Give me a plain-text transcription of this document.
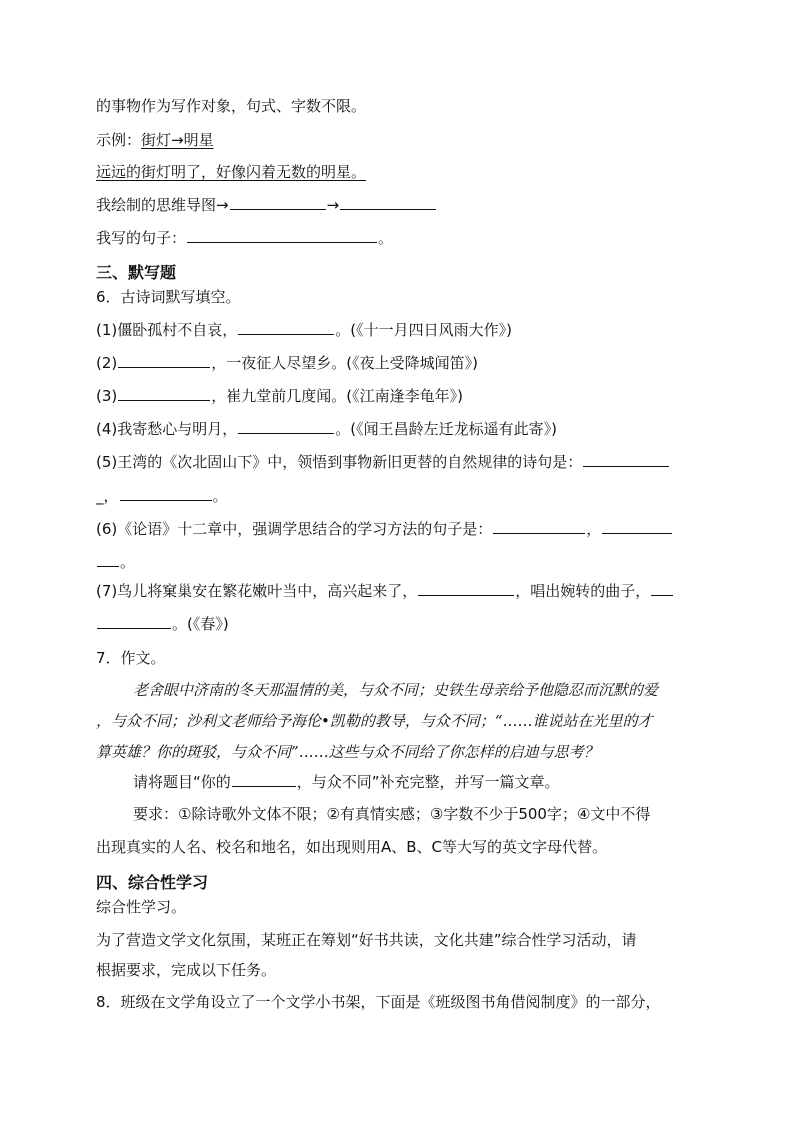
的事物作为写作对象，句式、字数不限。
示例：街灯→明星
远远的街灯明了，好像闪着无数的明星。
我绘制的思维导图→	→
我写的句子：	。
三、默写题
6．古诗词默写填空。
(1)僵卧孤村不自哀，	。(《十一月四日风雨大作》)
(2)	，一夜征人尽望乡。(《夜上受降城闻笛》)
(3)	，崔九堂前几度闻。(《江南逢李龟年》)
(4)我寄愁心与明月，	。(《闻王昌龄左迁龙标遥有此寄》)
(5)王湾的《次北固山下》中，领悟到事物新旧更替的自然规律的诗句是：
_，	。
(6)《论语》十二章中，强调学思结合的学习方法的句子是：	，
。
(7)鸟儿将窠巢安在繁花嫩叶当中，高兴起来了，	，唱出婉转的曲子，
。(《春》)
7．作文。
老舍眼中济南的冬天那温情的美，与众不同；史铁生母亲给予他隐忍而沉默的爱
，与众不同；沙利文老师给予海伦•凯勒的教导，与众不同；“……谁说站在光里的才
算英雄？你的斑驳，与众不同”……这些与众不同给了你怎样的启迪与思考？
请将题目“你的	，与众不同”补充完整，并写一篇文章。
要求：①除诗歌外文体不限；②有真情实感；③字数不少于500字；④文中不得
出现真实的人名、校名和地名，如出现则用A、B、C等大写的英文字母代替。
四、综合性学习
综合性学习。
为了营造文学文化氛围，某班正在筹划“好书共读，文化共建”综合性学习活动，请
根据要求，完成以下任务。
8．班级在文学角设立了一个文学小书架，下面是《班级图书角借阅制度》的一部分，
